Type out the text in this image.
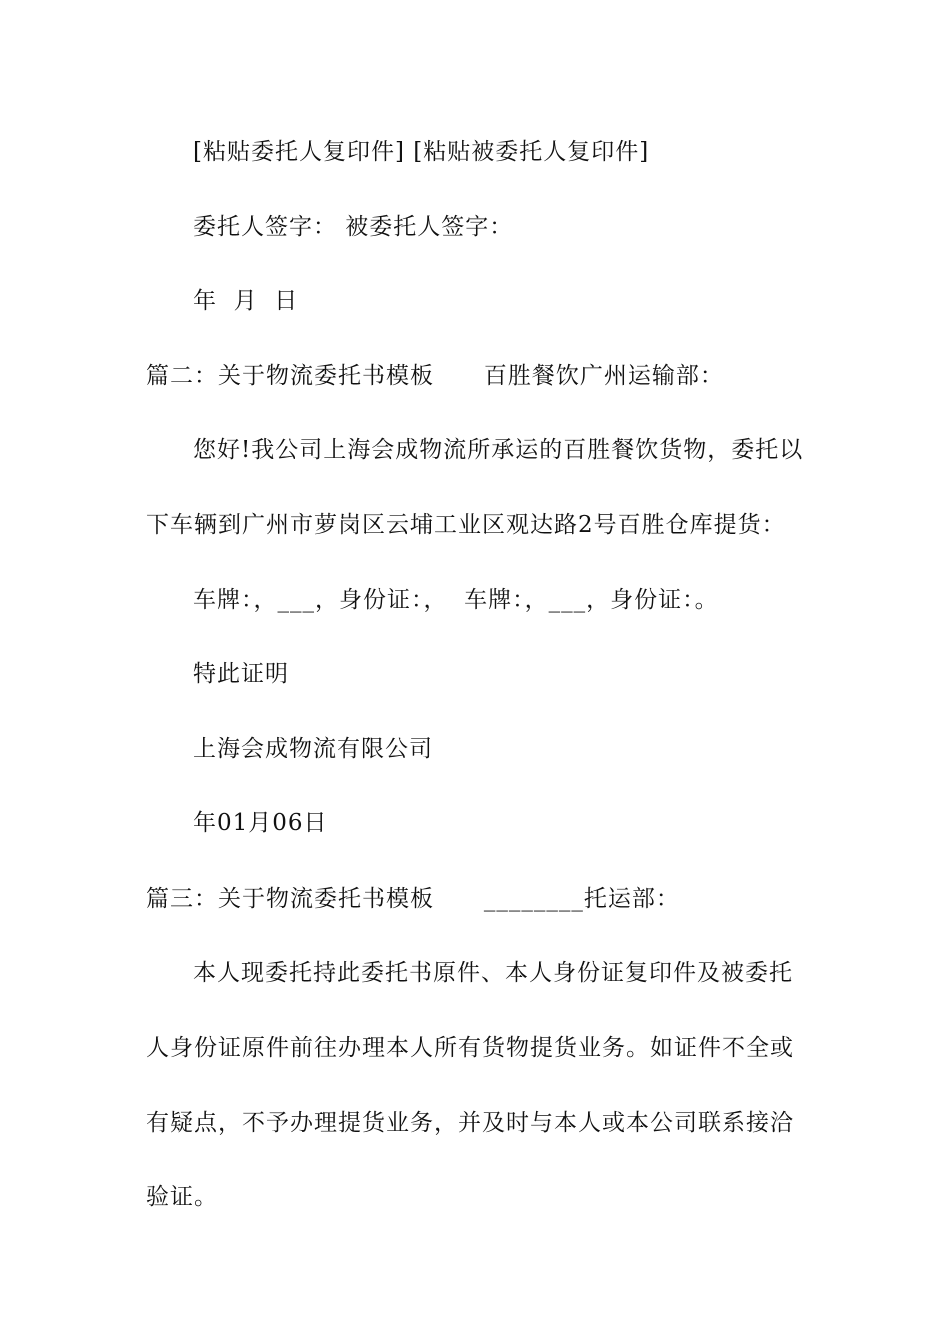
[粘贴委托人复印件] [粘贴被委托人复印件]
委托人签字： 被委托人签字：
年  月  日
篇二：关于物流委托书模板      百胜餐饮广州运输部：
您好!我公司上海会成物流所承运的百胜餐饮货物，委托以
下车辆到广州市萝岗区云埔工业区观达路2号百胜仓库提货：
车牌：，___，身份证：，  车牌：，___，身份证：。
特此证明
上海会成物流有限公司
年01月06日
篇三：关于物流委托书模板      ________托运部：
本人现委托持此委托书原件、本人身份证复印件及被委托
人身份证原件前往办理本人所有货物提货业务。如证件不全或
有疑点，不予办理提货业务，并及时与本人或本公司联系接洽
验证。
